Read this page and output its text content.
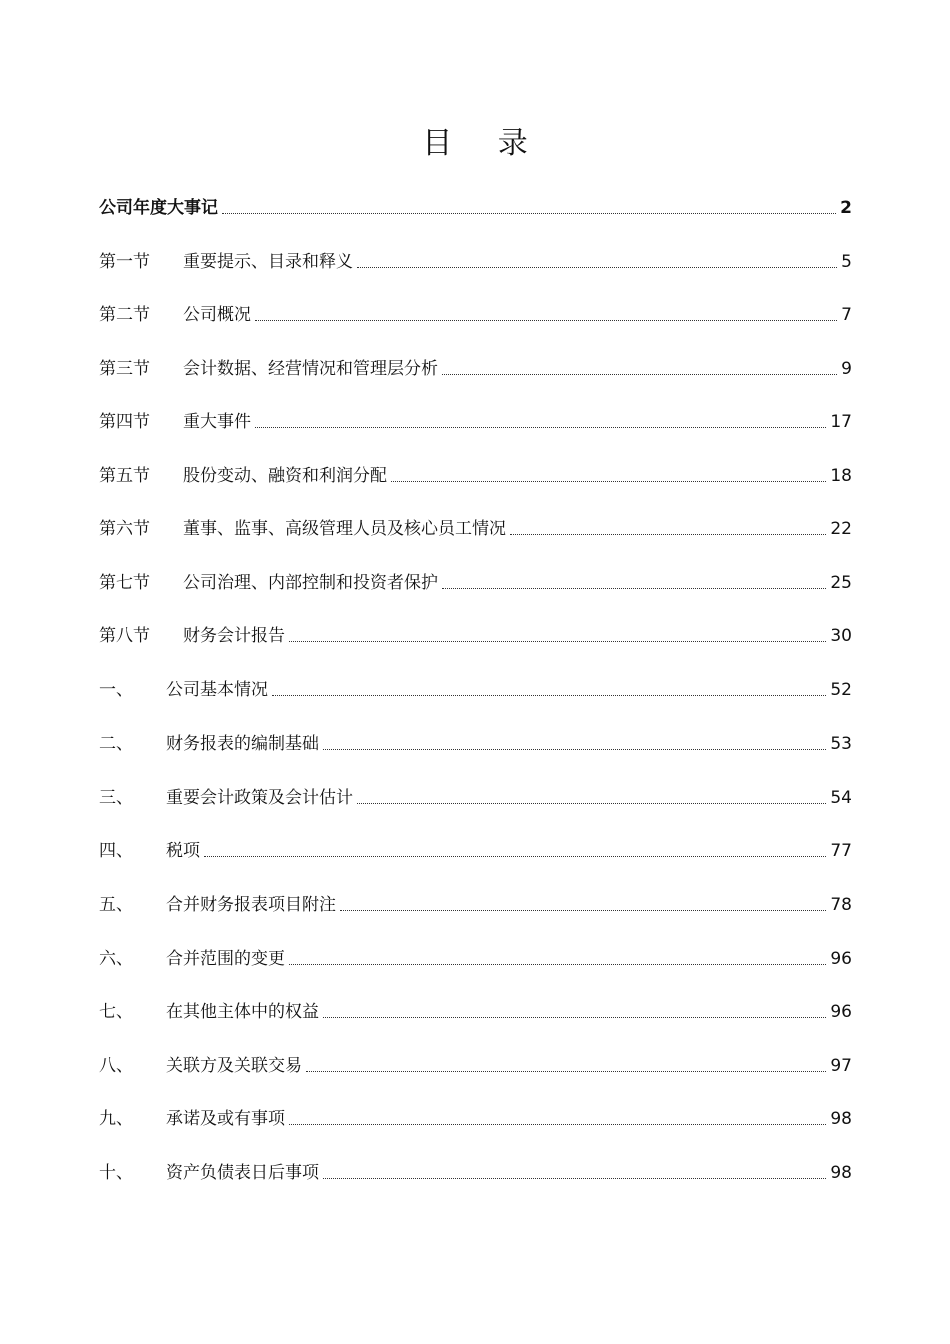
目 录
公司年度大事记	2
第一节	重要提示、目录和释义	5
第二节	公司概况	7
第三节	会计数据、经营情况和管理层分析	9
第四节	重大事件	17
第五节	股份变动、融资和利润分配	18
第六节	董事、监事、高级管理人员及核心员工情况	22
第七节	公司治理、内部控制和投资者保护	25
第八节	财务会计报告	30
一、	公司基本情况	52
二、	财务报表的编制基础	53
三、	重要会计政策及会计估计	54
四、	税项	77
五、	合并财务报表项目附注	78
六、	合并范围的变更	96
七、	在其他主体中的权益	96
八、	关联方及关联交易	97
九、	承诺及或有事项	98
十、	资产负债表日后事项	98
